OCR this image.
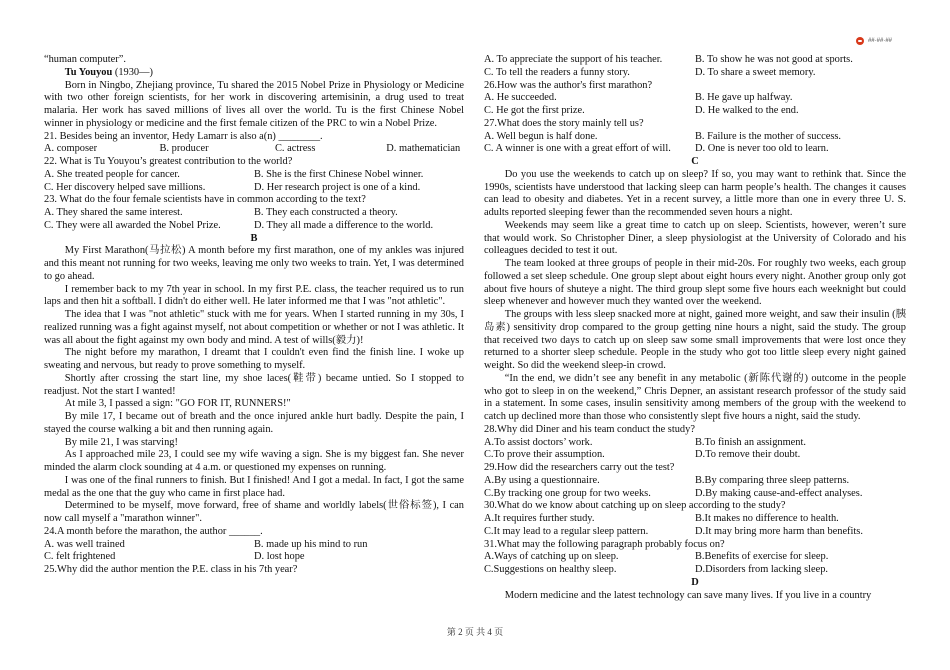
##·##·##

“human computer”.

Tu Youyou (1930—)

Born in Ningbo, Zhejiang province, Tu shared the 2015 Nobel Prize in Physiology or Medicine with two other foreign scientists, for her work in discovering artemisinin, a drug used to treat malaria. Her work has saved millions of lives all over the world. Tu is the first Chinese Nobel winner in physiology or medicine and the first female citizen of the PRC to win a Nobel Prize.

21. Besides being an inventor, Hedy Lamarr is also a(n) ________.

A. composer	B. producer	C. actress	D. mathematician

22. What is Tu Youyou’s greatest contribution to the world?

A. She treated people for cancer.	B. She is the first Chinese Nobel winner.
C. Her discovery helped save millions.	D. Her research project is one of a kind.

23. What do the four female scientists have in common according to the text?

A. They shared the same interest.	B. They each constructed a theory.
C. They were all awarded the Nobel Prize.	D. They all made a difference to the world.

B

My First Marathon(马拉松) A month before my first marathon, one of my ankles was injured and this meant not running for two weeks, leaving me only two weeks to train. Yet, I was determined to go ahead.

I remember back to my 7th year in school. In my first P.E. class, the teacher required us to run laps and then hit a softball. I didn't do either well. He later informed me that I was "not athletic".

The idea that I was "not athletic" stuck with me for years. When I started running in my 30s, I realized running was a fight against myself, not about competition or whether or not I was athletic. It was all about the fight against my own body and mind. A test of wills(毅力)!

The night before my marathon, I dreamt that I couldn't even find the finish line. I woke up sweating and nervous, but ready to prove something to myself.

Shortly after crossing the start line, my shoe laces(鞋带) became untied. So I stopped to readjust. Not the start I wanted!

At mile 3, I passed a sign: "GO FOR IT, RUNNERS!"

By mile 17, I became out of breath and the once injured ankle hurt badly. Despite the pain, I stayed the course walking a bit and then running again.

By mile 21, I was starving!

As I approached mile 23, I could see my wife waving a sign. She is my biggest fan. She never minded the alarm clock sounding at 4 a.m. or questioned my expenses on running.

I was one of the final runners to finish. But I finished! And I got a medal. In fact, I got the same medal as the one that the guy who came in first place had.

Determined to be myself, move forward, free of shame and worldly labels(世俗标签), I can now call myself a "marathon winner".

24.A month before the marathon, the author ______.

A. was well trained	B. made up his mind to run
C. felt frightened	D. lost hope

25.Why did the author mention the P.E. class in his 7th year?

A. To appreciate the support of his teacher.	B. To show he was not good at sports.
C. To tell the readers a funny story.	D. To share a sweet memory.

26.How was the author's first marathon?

A. He succeeded.	B. He gave up halfway.
C. He got the first prize.	D. He walked to the end.

27.What does the story mainly tell us?

A. Well begun is half done.	B. Failure is the mother of success.
C. A winner is one with a great effort of will.	D. One is never too old to learn.

C

Do you use the weekends to catch up on sleep? If so, you may want to rethink that. Since the 1990s, scientists have understood that lacking sleep can harm people’s health. The changes it causes can lead to obesity and diabetes. Yet in a recent survey, a little more than one in every three U. S. adults reported sleeping fewer than the recommended seven hours a night.

Weekends may seem like a great time to catch up on sleep. Scientists, however, weren’t sure that would work. So Christopher Diner, a sleep physiologist at the University of Colorado and his colleagues decided to test it out.

The team looked at three groups of people in their mid-20s. For roughly two weeks, each group followed a set sleep schedule. One group slept about eight hours every night. Another group only got about five hours of shuteye a night. The third group slept some five hours each weeknight but could sleep whenever and however much they wanted over the weekend.

The groups with less sleep snacked more at night, gained more weight, and saw their insulin (胰岛素) sensitivity drop compared to the group getting nine hours a night, said the study. The group that received two days to catch up on sleep saw some small improvements that were lost once they returned to a shorter sleep schedule. People in the study who got too little sleep every night gained weight. So did the weekend sleep-in crowd.

“In the end, we didn’t see any benefit in any metabolic (新陈代谢的) outcome in the people who got to sleep in on the weekend,” Chris Depner, an assistant research professor of the study said in a statement. In some cases, insulin sensitivity among members of the group with the weekend to catch up declined more than those who consistently slept five hours a night, said the study.

28.Why did Diner and his team conduct the study?

A.To assist doctors’ work.	B.To finish an assignment.
C.To prove their assumption.	D.To remove their doubt.

29.How did the researchers carry out the test?

A.By using a questionnaire.	B.By comparing three sleep patterns.
C.By tracking one group for two weeks.	D.By making cause-and-effect analyses.

30.What do we know about catching up on sleep according to the study?

A.It requires further study.	B.It makes no difference to health.
C.It may lead to a regular sleep pattern.	D.It may bring more harm than benefits.

31.What may the following paragraph probably focus on?

A.Ways of catching up on sleep.	B.Benefits of exercise for sleep.
C.Suggestions on healthy sleep.	D.Disorders from lacking sleep.

D

Modern medicine and the latest technology can save many lives. If you live in a country

第 2 页 共 4 页
